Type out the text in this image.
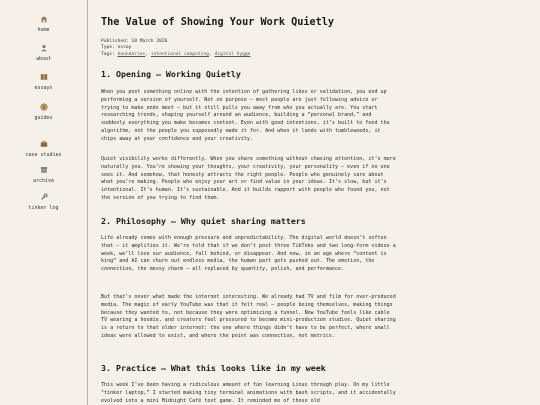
home
about
essays
guides
case studies
archive
tinker log
The Value of Showing Your Work Quietly
Published: 10 March 2026
Type: essay
Tags: boundaries, intentional computing, digital hygge
1. Opening — Working Quietly

When you post something online with the intention of gathering likes or validation, you end up performing a version of yourself. Not on purpose — most people are just following advice or trying to make ends meet — but it still pulls you away from who you actually are. You start researching trends, shaping yourself around an audience, building a “personal brand,” and suddenly everything you make becomes content. Even with good intentions, it’s built to feed the algorithm, not the people you supposedly made it for. And when it lands with tumbleweeds, it chips away at your confidence and your creativity.

Quiet visibility works differently. When you share something without chasing attention, it’s more naturally you. You’re showing your thoughts, your creativity, your personality — even if no one sees it. And somehow, that honesty attracts the right people. People who genuinely care about what you’re making. People who enjoy your art or find value in your ideas. It’s slow, but it’s intentional. It’s human. It’s sustainable. And it builds rapport with people who found you, not the version of you trying to find them.

2. Philosophy — Why quiet sharing matters

Life already comes with enough pressure and unpredictability. The digital world doesn’t soften that — it amplifies it. We’re told that if we don’t post three TikToks and two long-form videos a week, we’ll lose our audience, fall behind, or disappear. And now, in an age where “content is king” and AI can churn out endless media, the human part gets pushed out. The emotion, the connection, the messy charm — all replaced by quantity, polish, and performance.

But that’s never what made the internet interesting. We already had TV and film for over-produced media. The magic of early YouTube was that it felt real — people being themselves, making things because they wanted to, not because they were optimizing a funnel. Now YouTube feels like cable TV wearing a hoodie, and creators feel pressured to become mini-production studios. Quiet sharing is a return to that older internet: the one where things didn’t have to be perfect, where small ideas were allowed to exist, and where the point was connection, not metrics.

3. Practice — What this looks like in my week

This week I’ve been having a ridiculous amount of fun learning Linux through play. On my little “tinker laptop,” I started making tiny terminal animations with bash scripts, and it accidentally evolved into a mini Midnight Café text game. It reminded me of those old
